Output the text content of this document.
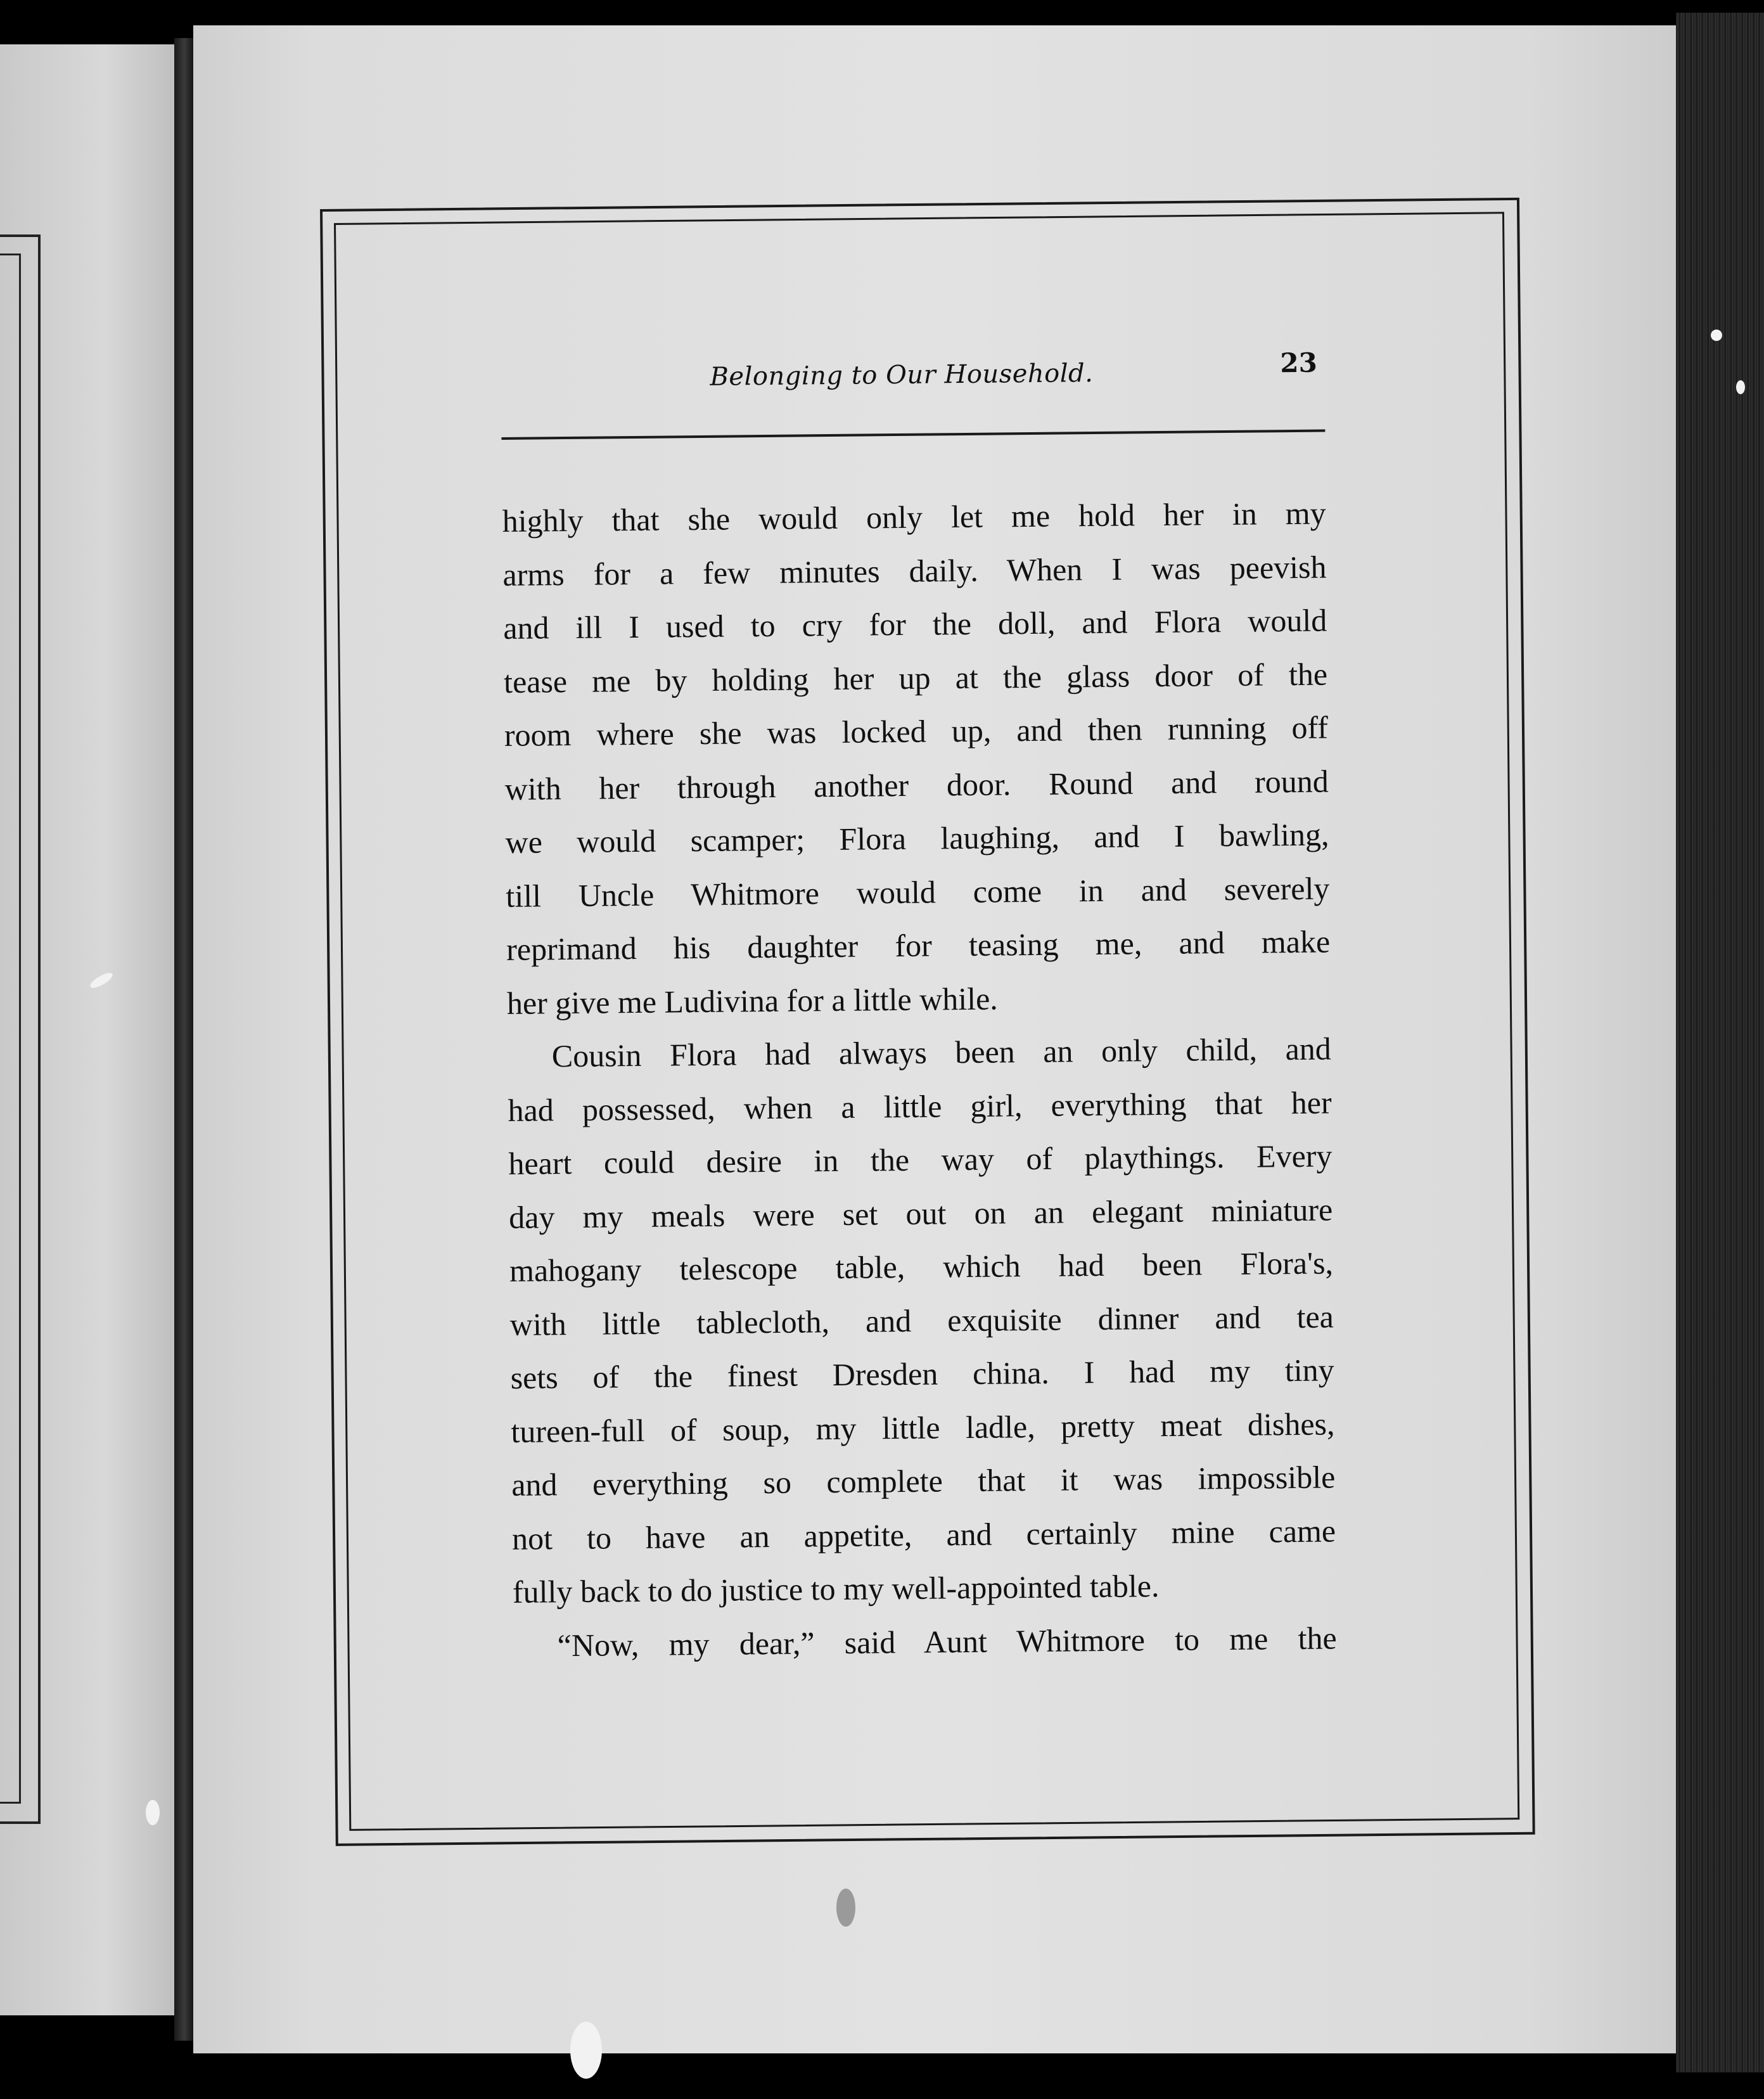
Belonging to Our Household.	23
highly that she would only let me hold her in my
arms for a few minutes daily. When I was peevish
and ill I used to cry for the doll, and Flora would
tease me by holding her up at the glass door of the
room where she was locked up, and then running off
with her through another door. Round and round
we would scamper; Flora laughing, and I bawling,
till Uncle Whitmore would come in and severely
reprimand his daughter for teasing me, and make
her give me Ludivina for a little while.
Cousin Flora had always been an only child, and
had possessed, when a little girl, everything that her
heart could desire in the way of playthings. Every
day my meals were set out on an elegant miniature
mahogany telescope table, which had been Flora's,
with little tablecloth, and exquisite dinner and tea
sets of the finest Dresden china. I had my tiny
tureen-full of soup, my little ladle, pretty meat dishes,
and everything so complete that it was impossible
not to have an appetite, and certainly mine came
fully back to do justice to my well-appointed table.
“Now, my dear,” said Aunt Whitmore to me the
